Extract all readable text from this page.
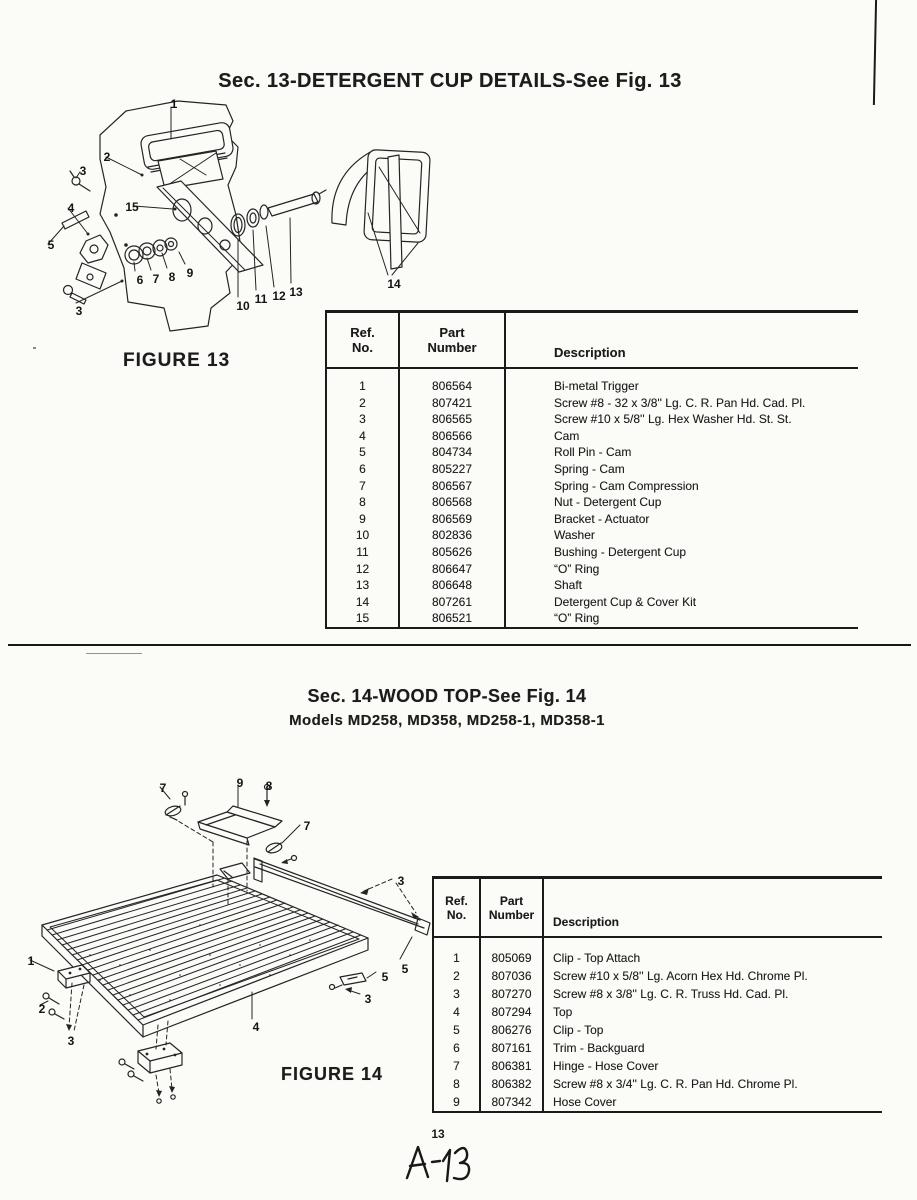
Sec. 13-DETERGENT CUP DETAILS-See Fig. 13
1
2
3
4	15
5
6 7 8 9
3	10 11 12 13
14
FIGURE 13
Ref.
No.

Part
Number	Description
1	806564	Bi-metal Trigger
2	807421	Screw #8 - 32 x 3/8'' Lg. C. R. Pan Hd. Cad. Pl.
3	806565	Screw #10 x 5/8'' Lg. Hex Washer Hd. St. St.
4	806566	Cam
5	804734	Roll Pin - Cam
6	805227	Spring - Cam
7	806567	Spring - Cam Compression
8	806568	Nut - Detergent Cup
9	806569	Bracket - Actuator
10	802836	Washer
11	805626	Bushing - Detergent Cup
12	806647	“O” Ring
13	806648	Shaft
14	807261	Detergent Cup & Cover Kit
15	806521	“O” Ring
Sec. 14-WOOD TOP-See Fig. 14
Models MD258, MD358, MD258-1, MD358-1
7	9	8
7
3
5
5
3
1
2
3
4
FIGURE 14
Ref.
No.

Part
Number
	Description
1	805069	Clip - Top Attach
2	807036	Screw #10 x 5/8'' Lg. Acorn Hex Hd. Chrome Pl.
3	807270	Screw #8 x 3/8'' Lg. C. R. Truss Hd. Cad. Pl.
4	807294	Top
5	806276	Clip - Top
6	807161	Trim - Backguard
7	806381	Hinge - Hose Cover
8	806382	Screw #8 x 3/4'' Lg. C. R. Pan Hd. Chrome Pl.
9	807342	Hose Cover
13
